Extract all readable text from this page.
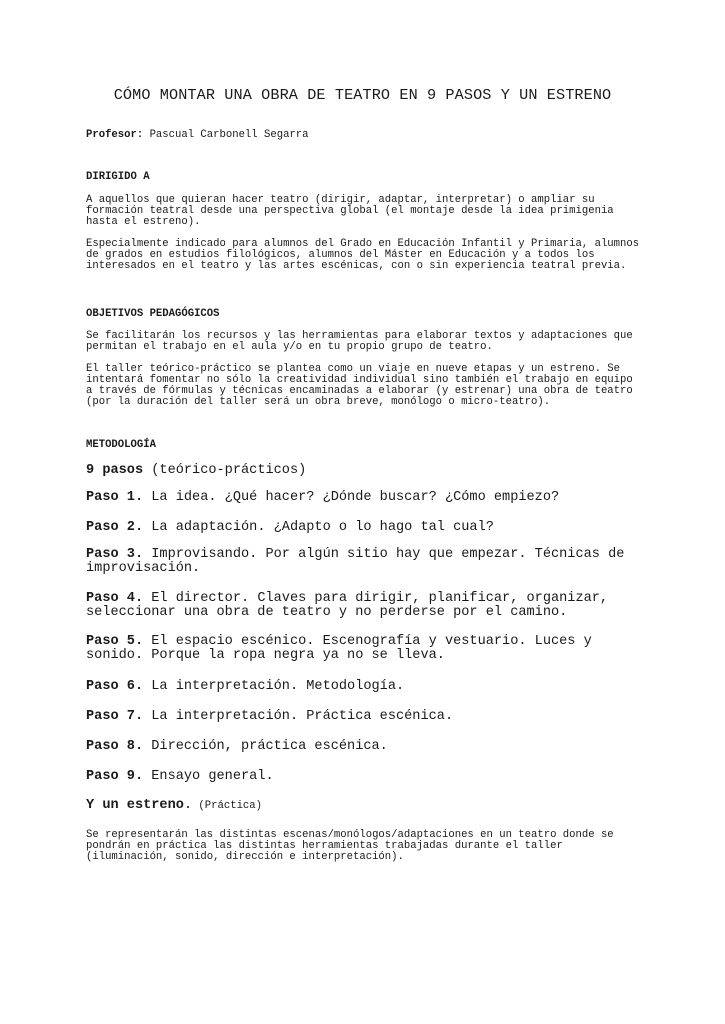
CÓMO MONTAR UNA OBRA DE TEATRO EN 9 PASOS Y UN ESTRENO

Profesor: Pascual Carbonell Segarra

DIRIGIDO A

A aquellos que quieran hacer teatro (dirigir, adaptar, interpretar) o ampliar su formación teatral desde una perspectiva global (el montaje desde la idea primigenia hasta el estreno).

Especialmente indicado para alumnos del Grado en Educación Infantil y Primaria, alumnos de grados en estudios filológicos, alumnos del Máster en Educación y a todos los interesados en el teatro y las artes escénicas, con o sin experiencia teatral previa.

OBJETIVOS PEDAGÓGICOS

Se facilitarán los recursos y las herramientas para elaborar textos y adaptaciones que permitan el trabajo en el aula y/o en tu propio grupo de teatro.

El taller teórico-práctico se plantea como un viaje en nueve etapas y un estreno. Se intentará fomentar no sólo la creatividad individual sino también el trabajo en equipo a través de fórmulas y técnicas encaminadas a elaborar (y estrenar) una obra de teatro (por la duración del taller será un obra breve, monólogo o micro-teatro).

METODOLOGÍA

9 pasos (teórico-prácticos)

Paso 1. La idea. ¿Qué hacer? ¿Dónde buscar? ¿Cómo empiezo?

Paso 2. La adaptación. ¿Adapto o lo hago tal cual?

Paso 3. Improvisando. Por algún sitio hay que empezar. Técnicas de improvisación.

Paso 4. El director. Claves para dirigir, planificar, organizar, seleccionar una obra de teatro y no perderse por el camino.

Paso 5. El espacio escénico. Escenografía y vestuario. Luces y sonido. Porque la ropa negra ya no se lleva.

Paso 6. La interpretación. Metodología.

Paso 7. La interpretación. Práctica escénica.

Paso 8. Dirección, práctica escénica.

Paso 9. Ensayo general.

Y un estreno. (Práctica)

Se representarán las distintas escenas/monólogos/adaptaciones en un teatro donde se pondrán en práctica las distintas herramientas trabajadas durante el taller (iluminación, sonido, dirección e interpretación).
